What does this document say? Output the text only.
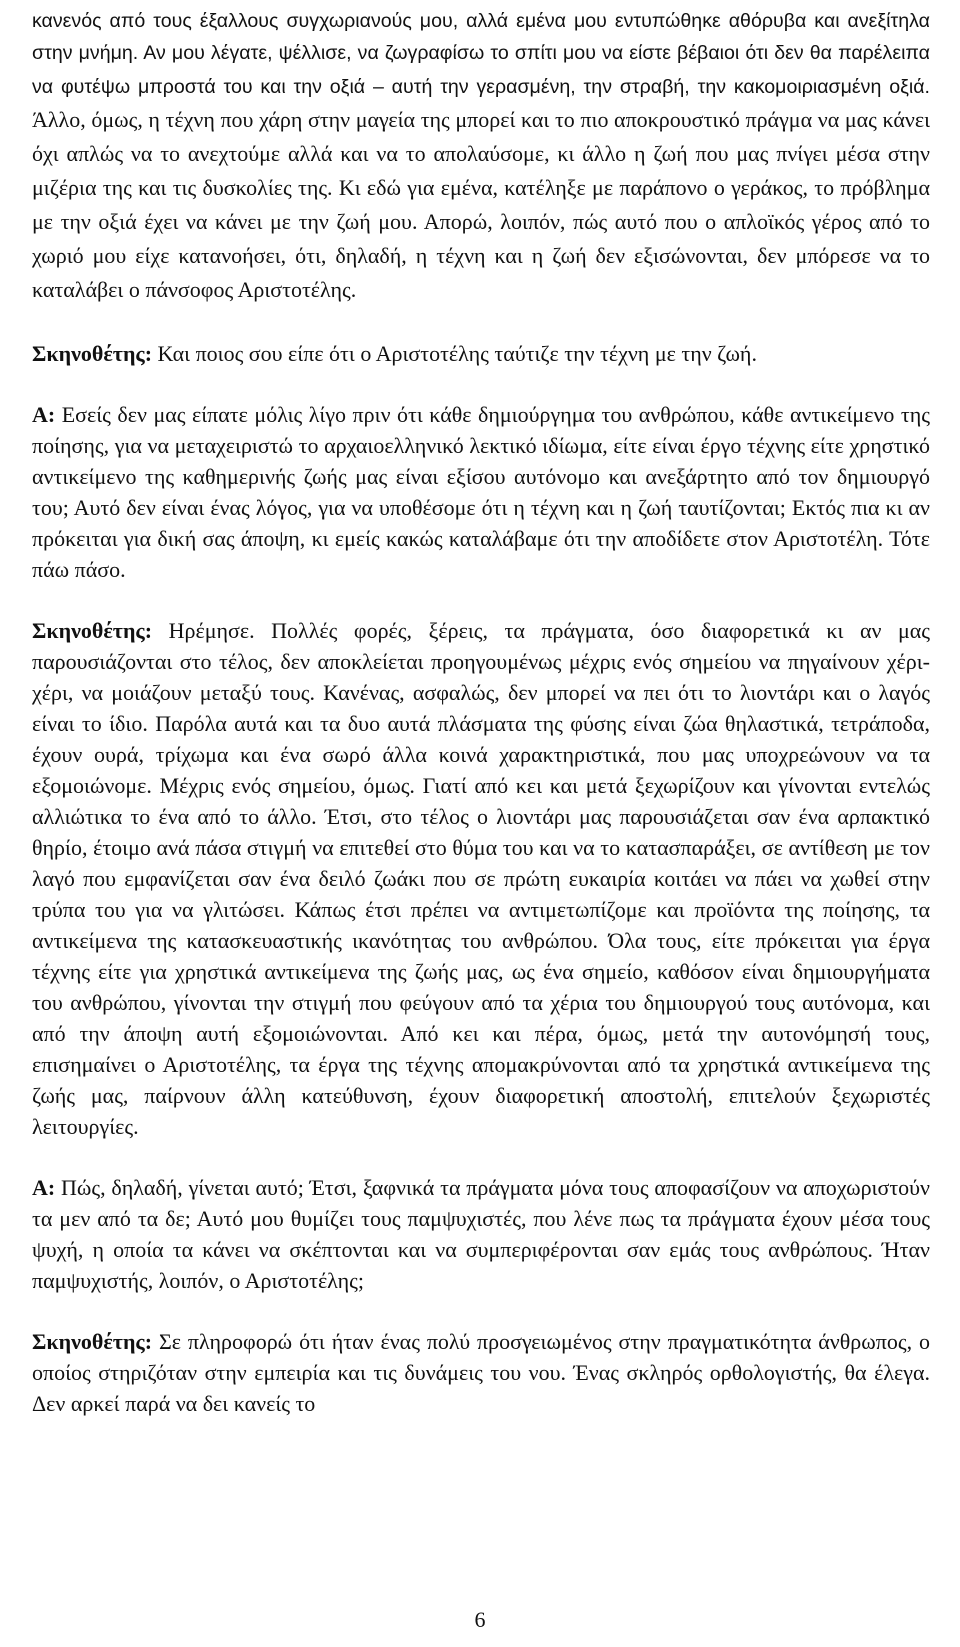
κανενός από τους έξαλλους συγχωριανούς μου, αλλά εμένα μου εντυπώθηκε αθόρυβα και ανεξίτηλα στην μνήμη. Αν μου λέγατε, ψέλλισε, να ζωγραφίσω το σπίτι μου να είστε βέβαιοι ότι δεν θα παρέλειπα να φυτέψω μπροστά του και την οξιά – αυτή την γερασμένη, την στραβή, την κακομοιριασμένη οξιά. Άλλο, όμως, η τέχνη που χάρη στην μαγεία της μπορεί και το πιο αποκρουστικό πράγμα να μας κάνει όχι απλώς να το ανεχτούμε αλλά και να το απολαύσομε, κι άλλο η ζωή που μας πνίγει μέσα στην μιζέρια της και τις δυσκολίες της. Κι εδώ για εμένα, κατέληξε με παράπονο ο γεράκος, το πρόβλημα με την οξιά έχει να κάνει με την ζωή μου. Απορώ, λοιπόν, πώς αυτό που ο απλοϊκός γέρος από το χωριό μου είχε κατανοήσει, ότι, δηλαδή, η τέχνη και η ζωή δεν εξισώνονται, δεν μπόρεσε να το καταλάβει ο πάνσοφος Αριστοτέλης.

Σκηνοθέτης: Και ποιος σου είπε ότι ο Αριστοτέλης ταύτιζε την τέχνη με την ζωή.

Α: Εσείς δεν μας είπατε μόλις λίγο πριν ότι κάθε δημιούργημα του ανθρώπου, κάθε αντικείμενο της ποίησης, για να μεταχειριστώ το αρχαιοελληνικό λεκτικό ιδίωμα, είτε είναι έργο τέχνης είτε χρηστικό αντικείμενο της καθημερινής ζωής μας είναι εξίσου αυτόνομο και ανεξάρτητο από τον δημιουργό του; Αυτό δεν είναι ένας λόγος, για να υποθέσομε ότι η τέχνη και η ζωή ταυτίζονται; Εκτός πια κι αν πρόκειται για δική σας άποψη, κι εμείς κακώς καταλάβαμε ότι την αποδίδετε στον Αριστοτέλη. Τότε πάω πάσο.

Σκηνοθέτης: Ηρέμησε. Πολλές φορές, ξέρεις, τα πράγματα, όσο διαφορετικά κι αν μας παρουσιάζονται στο τέλος, δεν αποκλείεται προηγουμένως μέχρις ενός σημείου να πηγαίνουν χέρι-χέρι, να μοιάζουν μεταξύ τους. Κανένας, ασφαλώς, δεν μπορεί να πει ότι το λιοντάρι και ο λαγός είναι το ίδιο. Παρόλα αυτά και τα δυο αυτά πλάσματα της φύσης είναι ζώα θηλαστικά, τετράποδα, έχουν ουρά, τρίχωμα και ένα σωρό άλλα κοινά χαρακτηριστικά, που μας υποχρεώνουν να τα εξομοιώνομε. Μέχρις ενός σημείου, όμως. Γιατί από κει και μετά ξεχωρίζουν και γίνονται εντελώς αλλιώτικα το ένα από το άλλο. Έτσι, στο τέλος ο λιοντάρι μας παρουσιάζεται σαν ένα αρπακτικό θηρίο, έτοιμο ανά πάσα στιγμή να επιτεθεί στο θύμα του και να το κατασπαράξει, σε αντίθεση με τον λαγό που εμφανίζεται σαν ένα δειλό ζωάκι που σε πρώτη ευκαιρία κοιτάει να πάει να χωθεί στην τρύπα του για να γλιτώσει. Κάπως έτσι πρέπει να αντιμετωπίζομε και προϊόντα της ποίησης, τα αντικείμενα της κατασκευαστικής ικανότητας του ανθρώπου. Όλα τους, είτε πρόκειται για έργα τέχνης είτε για χρηστικά αντικείμενα της ζωής μας, ως ένα σημείο, καθόσον είναι δημιουργήματα του ανθρώπου, γίνονται την στιγμή που φεύγουν από τα χέρια του δημιουργού τους αυτόνομα, και από την άποψη αυτή εξομοιώνονται. Από κει και πέρα, όμως, μετά την αυτονόμησή τους, επισημαίνει ο Αριστοτέλης, τα έργα της τέχνης απομακρύνονται από τα χρηστικά αντικείμενα της ζωής μας, παίρνουν άλλη κατεύθυνση, έχουν διαφορετική αποστολή, επιτελούν ξεχωριστές λειτουργίες.

Α: Πώς, δηλαδή, γίνεται αυτό; Έτσι, ξαφνικά τα πράγματα μόνα τους αποφασίζουν να αποχωριστούν τα μεν από τα δε; Αυτό μου θυμίζει τους παμψυχιστές, που λένε πως τα πράγματα έχουν μέσα τους ψυχή, η οποία τα κάνει να σκέπτονται και να συμπεριφέρονται σαν εμάς τους ανθρώπους. Ήταν παμψυχιστής, λοιπόν, ο Αριστοτέλης;

Σκηνοθέτης: Σε πληροφορώ ότι ήταν ένας πολύ προσγειωμένος στην πραγματικότητα άνθρωπος, ο οποίος στηριζόταν στην εμπειρία και τις δυνάμεις του νου. Ένας σκληρός ορθολογιστής, θα έλεγα. Δεν αρκεί παρά να δει κανείς το

6
